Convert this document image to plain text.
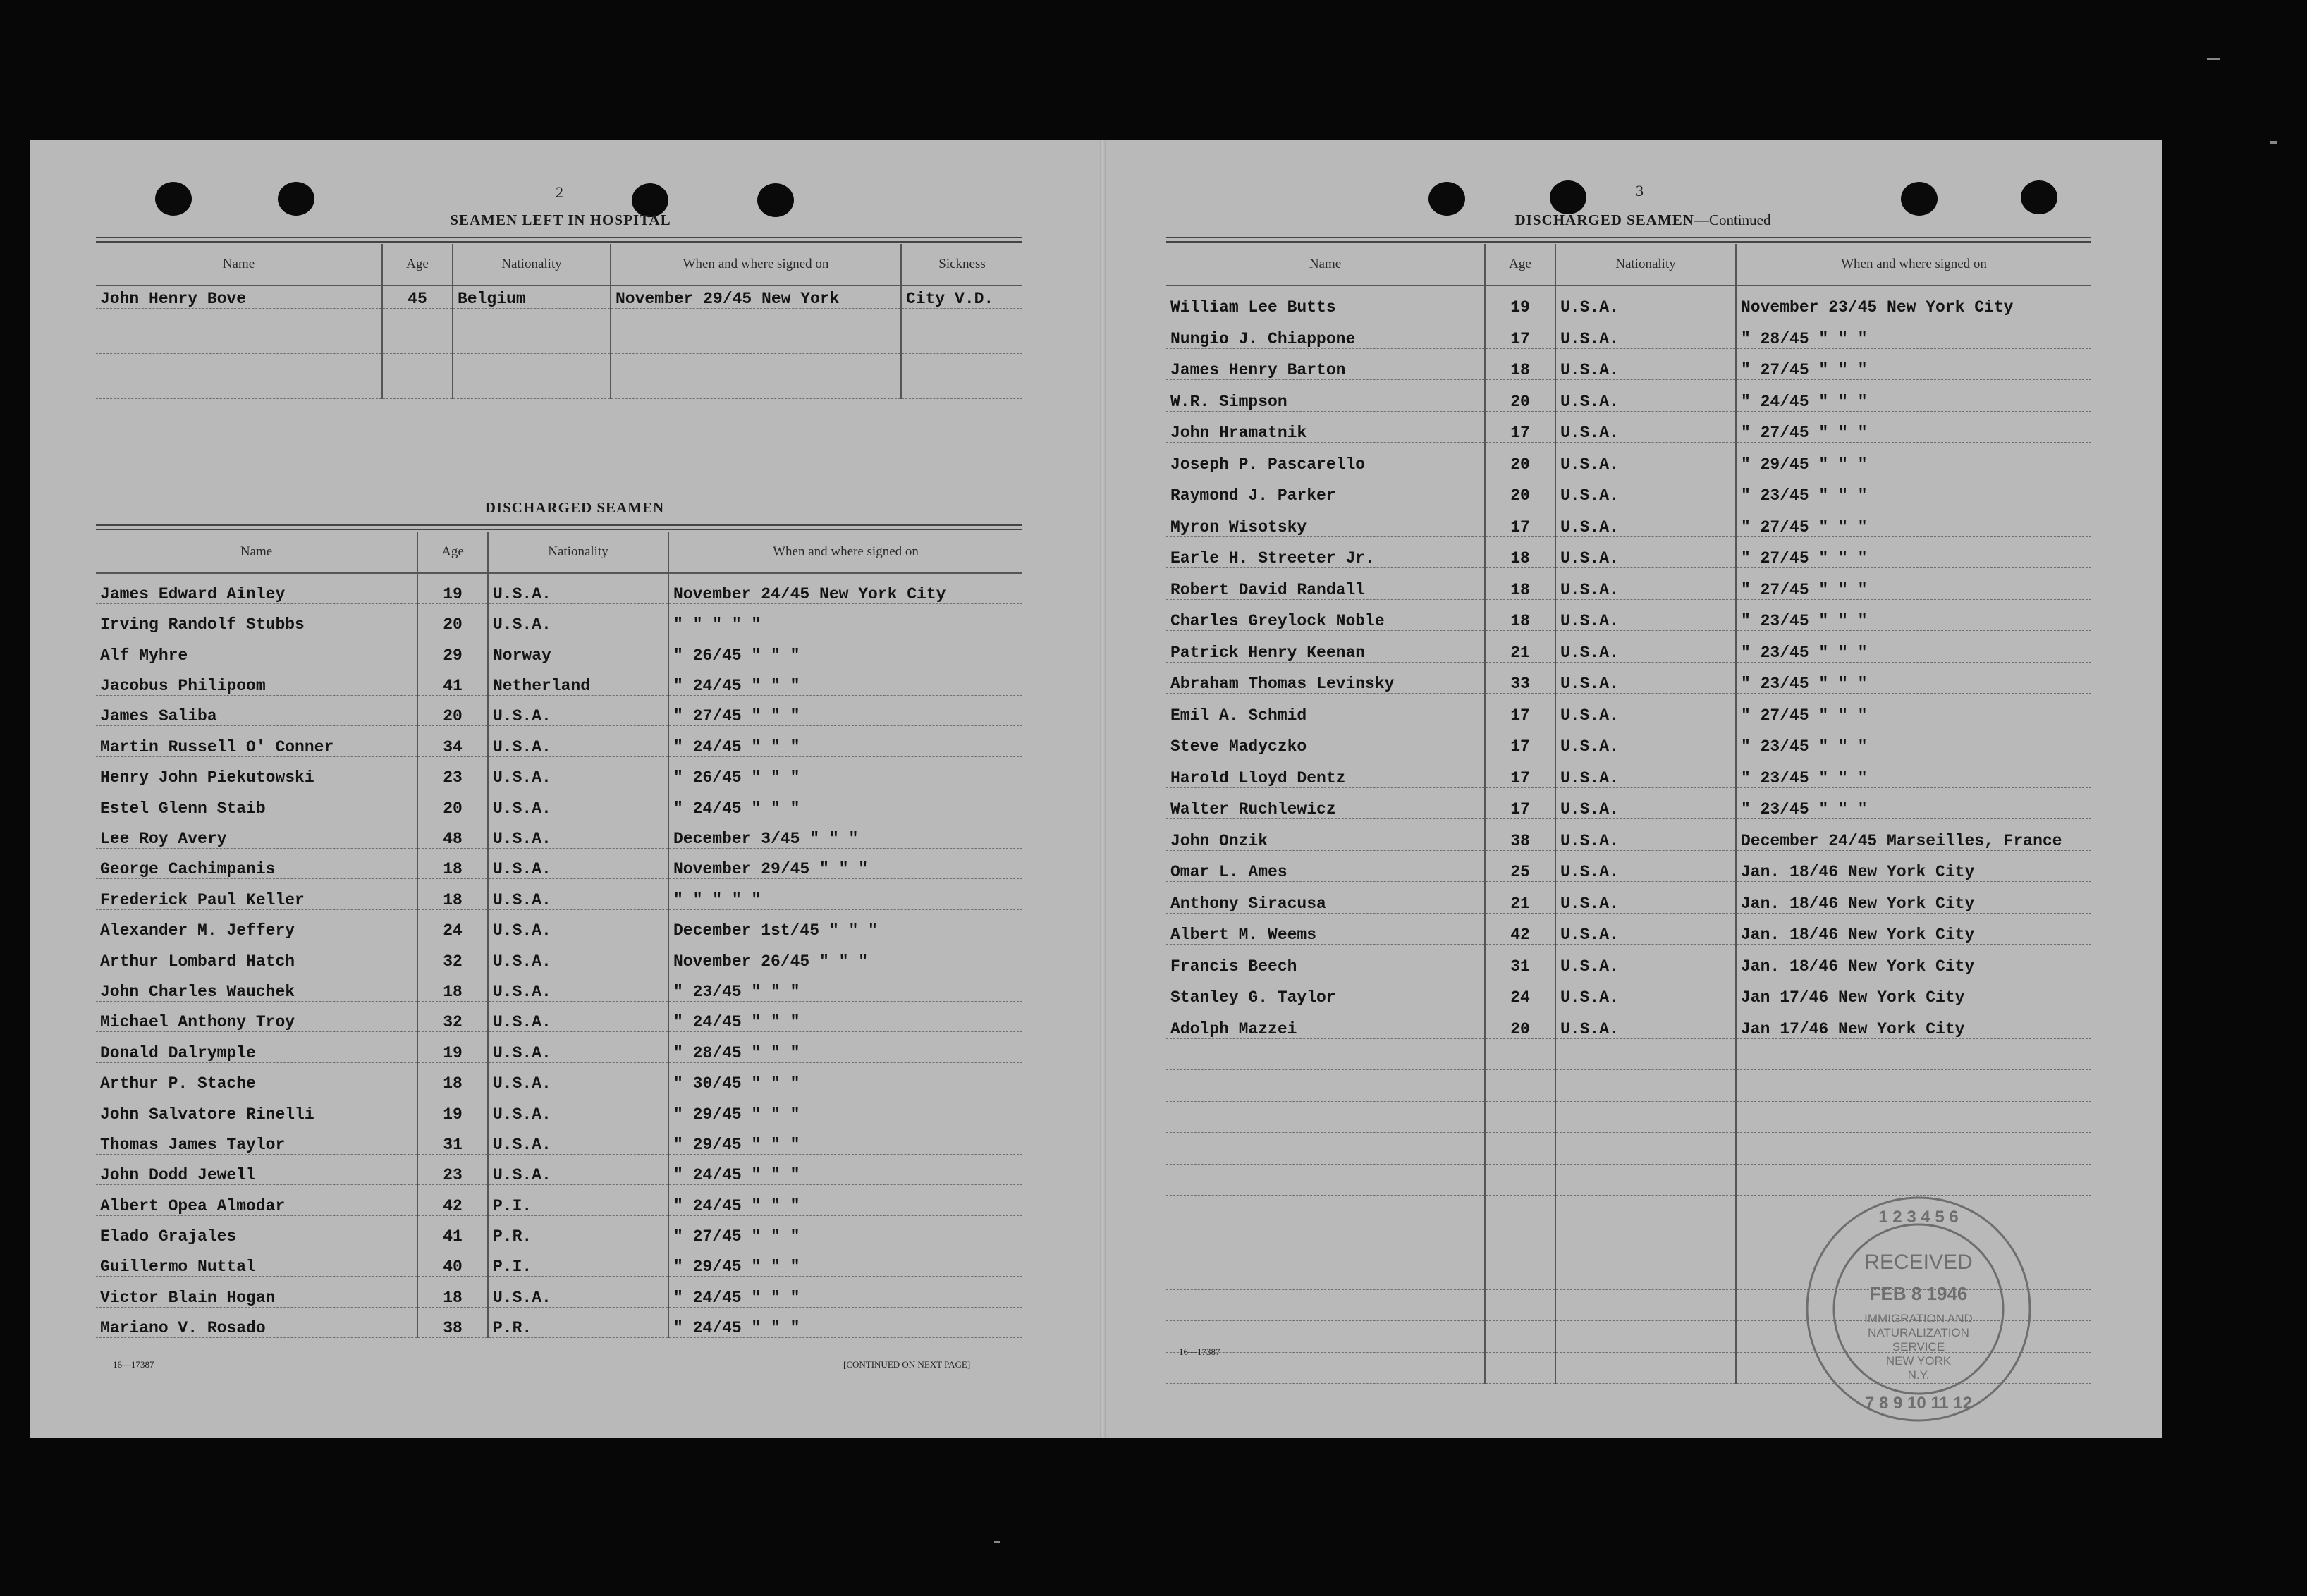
2
SEAMEN LEFT IN HOSPITAL
Name	Age	Nationality	When and where signed on	Sickness
John Henry Bove	45	Belgium	November 29/45 New York	City V.D.

DISCHARGED SEAMEN
Name	Age	Nationality	When and where signed on
James Edward Ainley	19	U.S.A.	November 24/45 New York City
Irving Randolf Stubbs	20	U.S.A.	" " " " "
Alf Myhre	29	Norway	" 26/45 " " "
Jacobus Philipoom	41	Netherland	" 24/45 " " "
James Saliba	20	U.S.A.	" 27/45 " " "
Martin Russell O' Conner	34	U.S.A.	" 24/45 " " "
Henry John Piekutowski	23	U.S.A.	" 26/45 " " "
Estel Glenn Staib	20	U.S.A.	" 24/45 " " "
Lee Roy Avery	48	U.S.A.	December 3/45 " " "
George Cachimpanis	18	U.S.A.	November 29/45 " " "
Frederick Paul Keller	18	U.S.A.	" " " " "
Alexander M. Jeffery	24	U.S.A.	December 1st/45 " " "
Arthur Lombard Hatch	32	U.S.A.	November 26/45 " " "
John Charles Wauchek	18	U.S.A.	" 23/45 " " "
Michael Anthony Troy	32	U.S.A.	" 24/45 " " "
Donald Dalrymple	19	U.S.A.	" 28/45 " " "
Arthur P. Stache	18	U.S.A.	" 30/45 " " "
John Salvatore Rinelli	19	U.S.A.	" 29/45 " " "
Thomas James Taylor	31	U.S.A.	" 29/45 " " "
John Dodd Jewell	23	U.S.A.	" 24/45 " " "
Albert Opea Almodar	42	P.I.	" 24/45 " " "
Elado Grajales	41	P.R.	" 27/45 " " "
Guillermo Nuttal	40	P.I.	" 29/45 " " "
Victor Blain Hogan	18	U.S.A.	" 24/45 " " "
Mariano V. Rosado	38	P.R.	" 24/45 " " "
16—17387	[CONTINUED ON NEXT PAGE]
3
DISCHARGED SEAMEN—Continued
Name	Age	Nationality	When and where signed on
William Lee Butts	19	U.S.A.	November 23/45 New York City
Nungio J. Chiappone	17	U.S.A.	" 28/45 " " "
James Henry Barton	18	U.S.A.	" 27/45 " " "
W.R. Simpson	20	U.S.A.	" 24/45 " " "
John Hramatnik	17	U.S.A.	" 27/45 " " "
Joseph P. Pascarello	20	U.S.A.	" 29/45 " " "
Raymond J. Parker	20	U.S.A.	" 23/45 " " "
Myron Wisotsky	17	U.S.A.	" 27/45 " " "
Earle H. Streeter Jr.	18	U.S.A.	" 27/45 " " "
Robert David Randall	18	U.S.A.	" 27/45 " " "
Charles Greylock Noble	18	U.S.A.	" 23/45 " " "
Patrick Henry Keenan	21	U.S.A.	" 23/45 " " "
Abraham Thomas Levinsky	33	U.S.A.	" 23/45 " " "
Emil A. Schmid	17	U.S.A.	" 27/45 " " "
Steve Madyczko	17	U.S.A.	" 23/45 " " "
Harold Lloyd Dentz	17	U.S.A.	" 23/45 " " "
Walter Ruchlewicz	17	U.S.A.	" 23/45 " " "
John Onzik	38	U.S.A.	December 24/45 Marseilles, France
Omar L. Ames	25	U.S.A.	Jan. 18/46 New York City
Anthony Siracusa	21	U.S.A.	Jan. 18/46 New York City
Albert M. Weems	42	U.S.A.	Jan. 18/46 New York City
Francis Beech	31	U.S.A.	Jan. 18/46 New York City
Stanley G. Taylor	24	U.S.A.	Jan 17/46 New York City
Adolph Mazzei	20	U.S.A.	Jan 17/46 New York City

16—17387
1 2 3 4 5 6
7 8 9 10 11 12
RECEIVED
FEB 8 1946
IMMIGRATION AND
NATURALIZATION
SERVICE
NEW YORK
N.Y.
